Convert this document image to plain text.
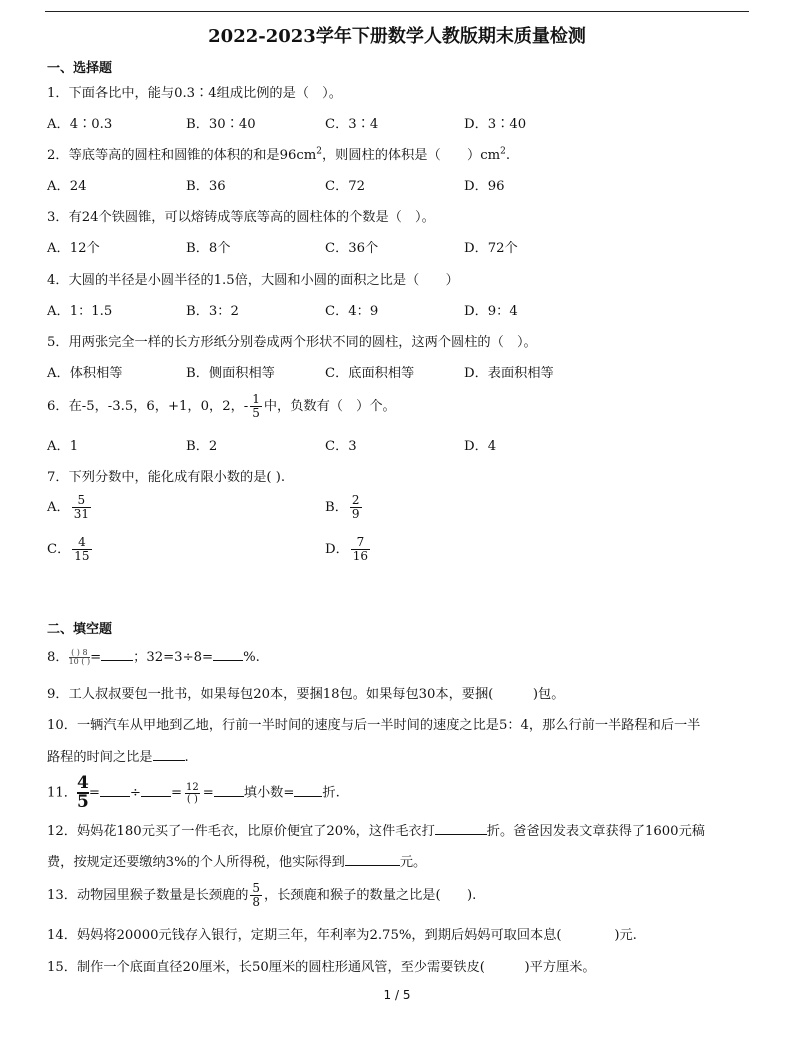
2022-2023学年下册数学人教版期末质量检测
一、选择题
1．下面各比中，能与0.3∶4组成比例的是（　）。
A．4∶0.3	B．30∶40	C．3∶4	D．3∶40
2．等底等高的圆柱和圆锥的体积的和是$96cm^2$，则圆柱的体积是（　　）$cm^2$.
A．24	B．36	C．72	D．96
3．有24个铁圆锥，可以熔铸成等底等高的圆柱体的个数是（　）。
A．12个	B．8个	C．36个	D．72个
4．大圆的半径是小圆半径的1.5倍，大圆和小圆的面积之比是（　　）
A．1：1.5	B．3：2	C．4：9	D．9：4
5．用两张完全一样的长方形纸分别卷成两个形状不同的圆柱，这两个圆柱的（　）。
A．体积相等	B．侧面积相等	C．底面积相等	D．表面积相等
6．在-5，-3.5，6，+1，0，2，- $\frac{1}{5}$ 中，负数有（　）个。
A．1	B．2	C．3	D．4
7．下列分数中，能化成有限小数的是( ).
A． $\frac{5}{31}$	B． $\frac{2}{9}$
C． $\frac{4}{15}$	D． $\frac{7}{16}$
二、填空题
8． $\frac{( ) 8}{10 ( )}$ = ；32=3÷8= %.
9．工人叔叔要包一批书，如果每包20本，要捆18包。如果每包30本，要捆(　　　)包。
10．一辆汽车从甲地到乙地，行前一半时间的速度与后一半时间的速度之比是5：4，那么行前一半路程和后一半
路程的时间之比是 .
11． $\frac{4}{5}$ = ÷ = $\frac{12}{( )}$ = 填小数= 折.
12．妈妈花180元买了一件毛衣，比原价便宜了20%，这件毛衣打	折。爸爸因发表文章获得了1600元稿
费，按规定还要缴纳3%的个人所得税，他实际得到	元。
13．动物园里猴子数量是长颈鹿的 $\frac{5}{8}$ ，长颈鹿和猴子的数量之比是(　　).
14．妈妈将20000元钱存入银行，定期三年，年利率为2.75%，到期后妈妈可取回本息(　　　　)元.
15．制作一个底面直径20厘米，长50厘米的圆柱形通风管，至少需要铁皮(　　　)平方厘米。
1 / 5
